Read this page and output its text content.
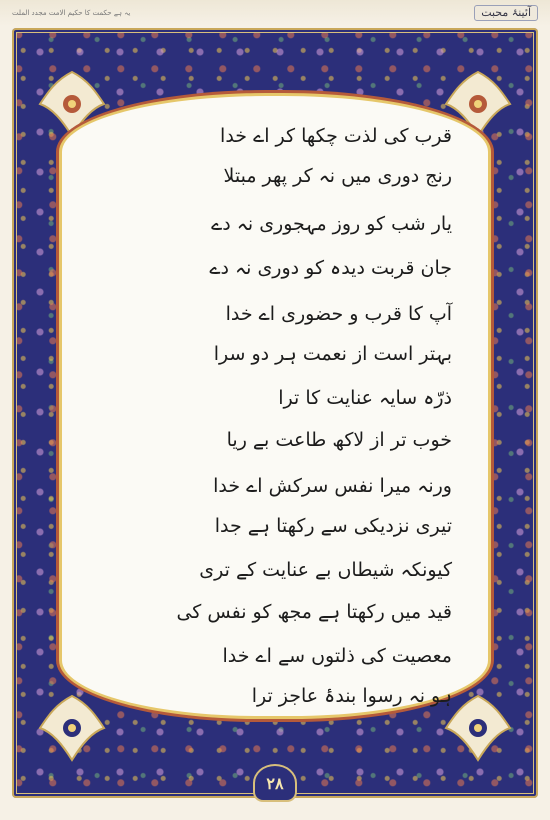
آئینۂ محبت
یہ ہے حکمت کا حکیم الامت مجدد الملت
قرب کی لذت چکھا کر اے خدا
رنج دوری میں نہ کر پھر مبتلا
یار شب کو روز مہجوری نہ دے
جان قربت دیدہ کو دوری نہ دے
آپ کا قرب و حضوری اے خدا
بہتر است از نعمت ہر دو سرا
ذرّہ سایہ عنایت کا ترا
خوب تر از لاکھ طاعت بے ریا
ورنہ میرا نفس سرکش اے خدا
تیری نزدیکی سے رکھتا ہے جدا
کیونکہ شیطاں بے عنایت کے تری
قید میں رکھتا ہے مجھ کو نفس کی
معصیت کی ذلتوں سے اے خدا
ہو نہ رسوا بندۂ عاجز ترا
۲۸
